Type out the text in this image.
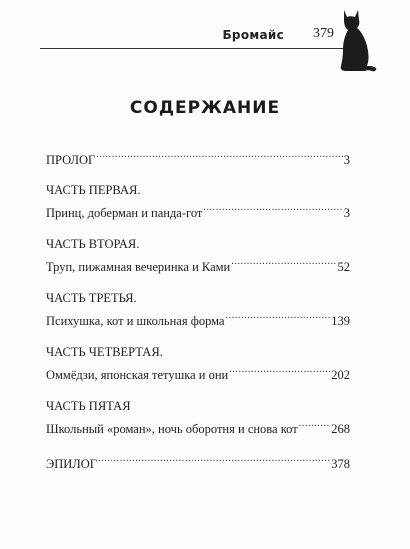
Бромайс 379
СОДЕРЖАНИЕ
ПРОЛОГ .....	3
ЧАСТЬ ПЕРВАЯ.
Принц, доберман и панда-гот .....	3
ЧАСТЬ ВТОРАЯ.
Труп, пижамная вечеринка и Ками .....	52
ЧАСТЬ ТРЕТЬЯ.
Психушка, кот и школьная форма .....	139
ЧАСТЬ ЧЕТВЕРТАЯ.
Оммёдзи, японская тетушка и они .....	202
ЧАСТЬ ПЯТАЯ
Школьный «роман», ночь оборотня и снова кот .....	268
ЭПИЛОГ .....	378
